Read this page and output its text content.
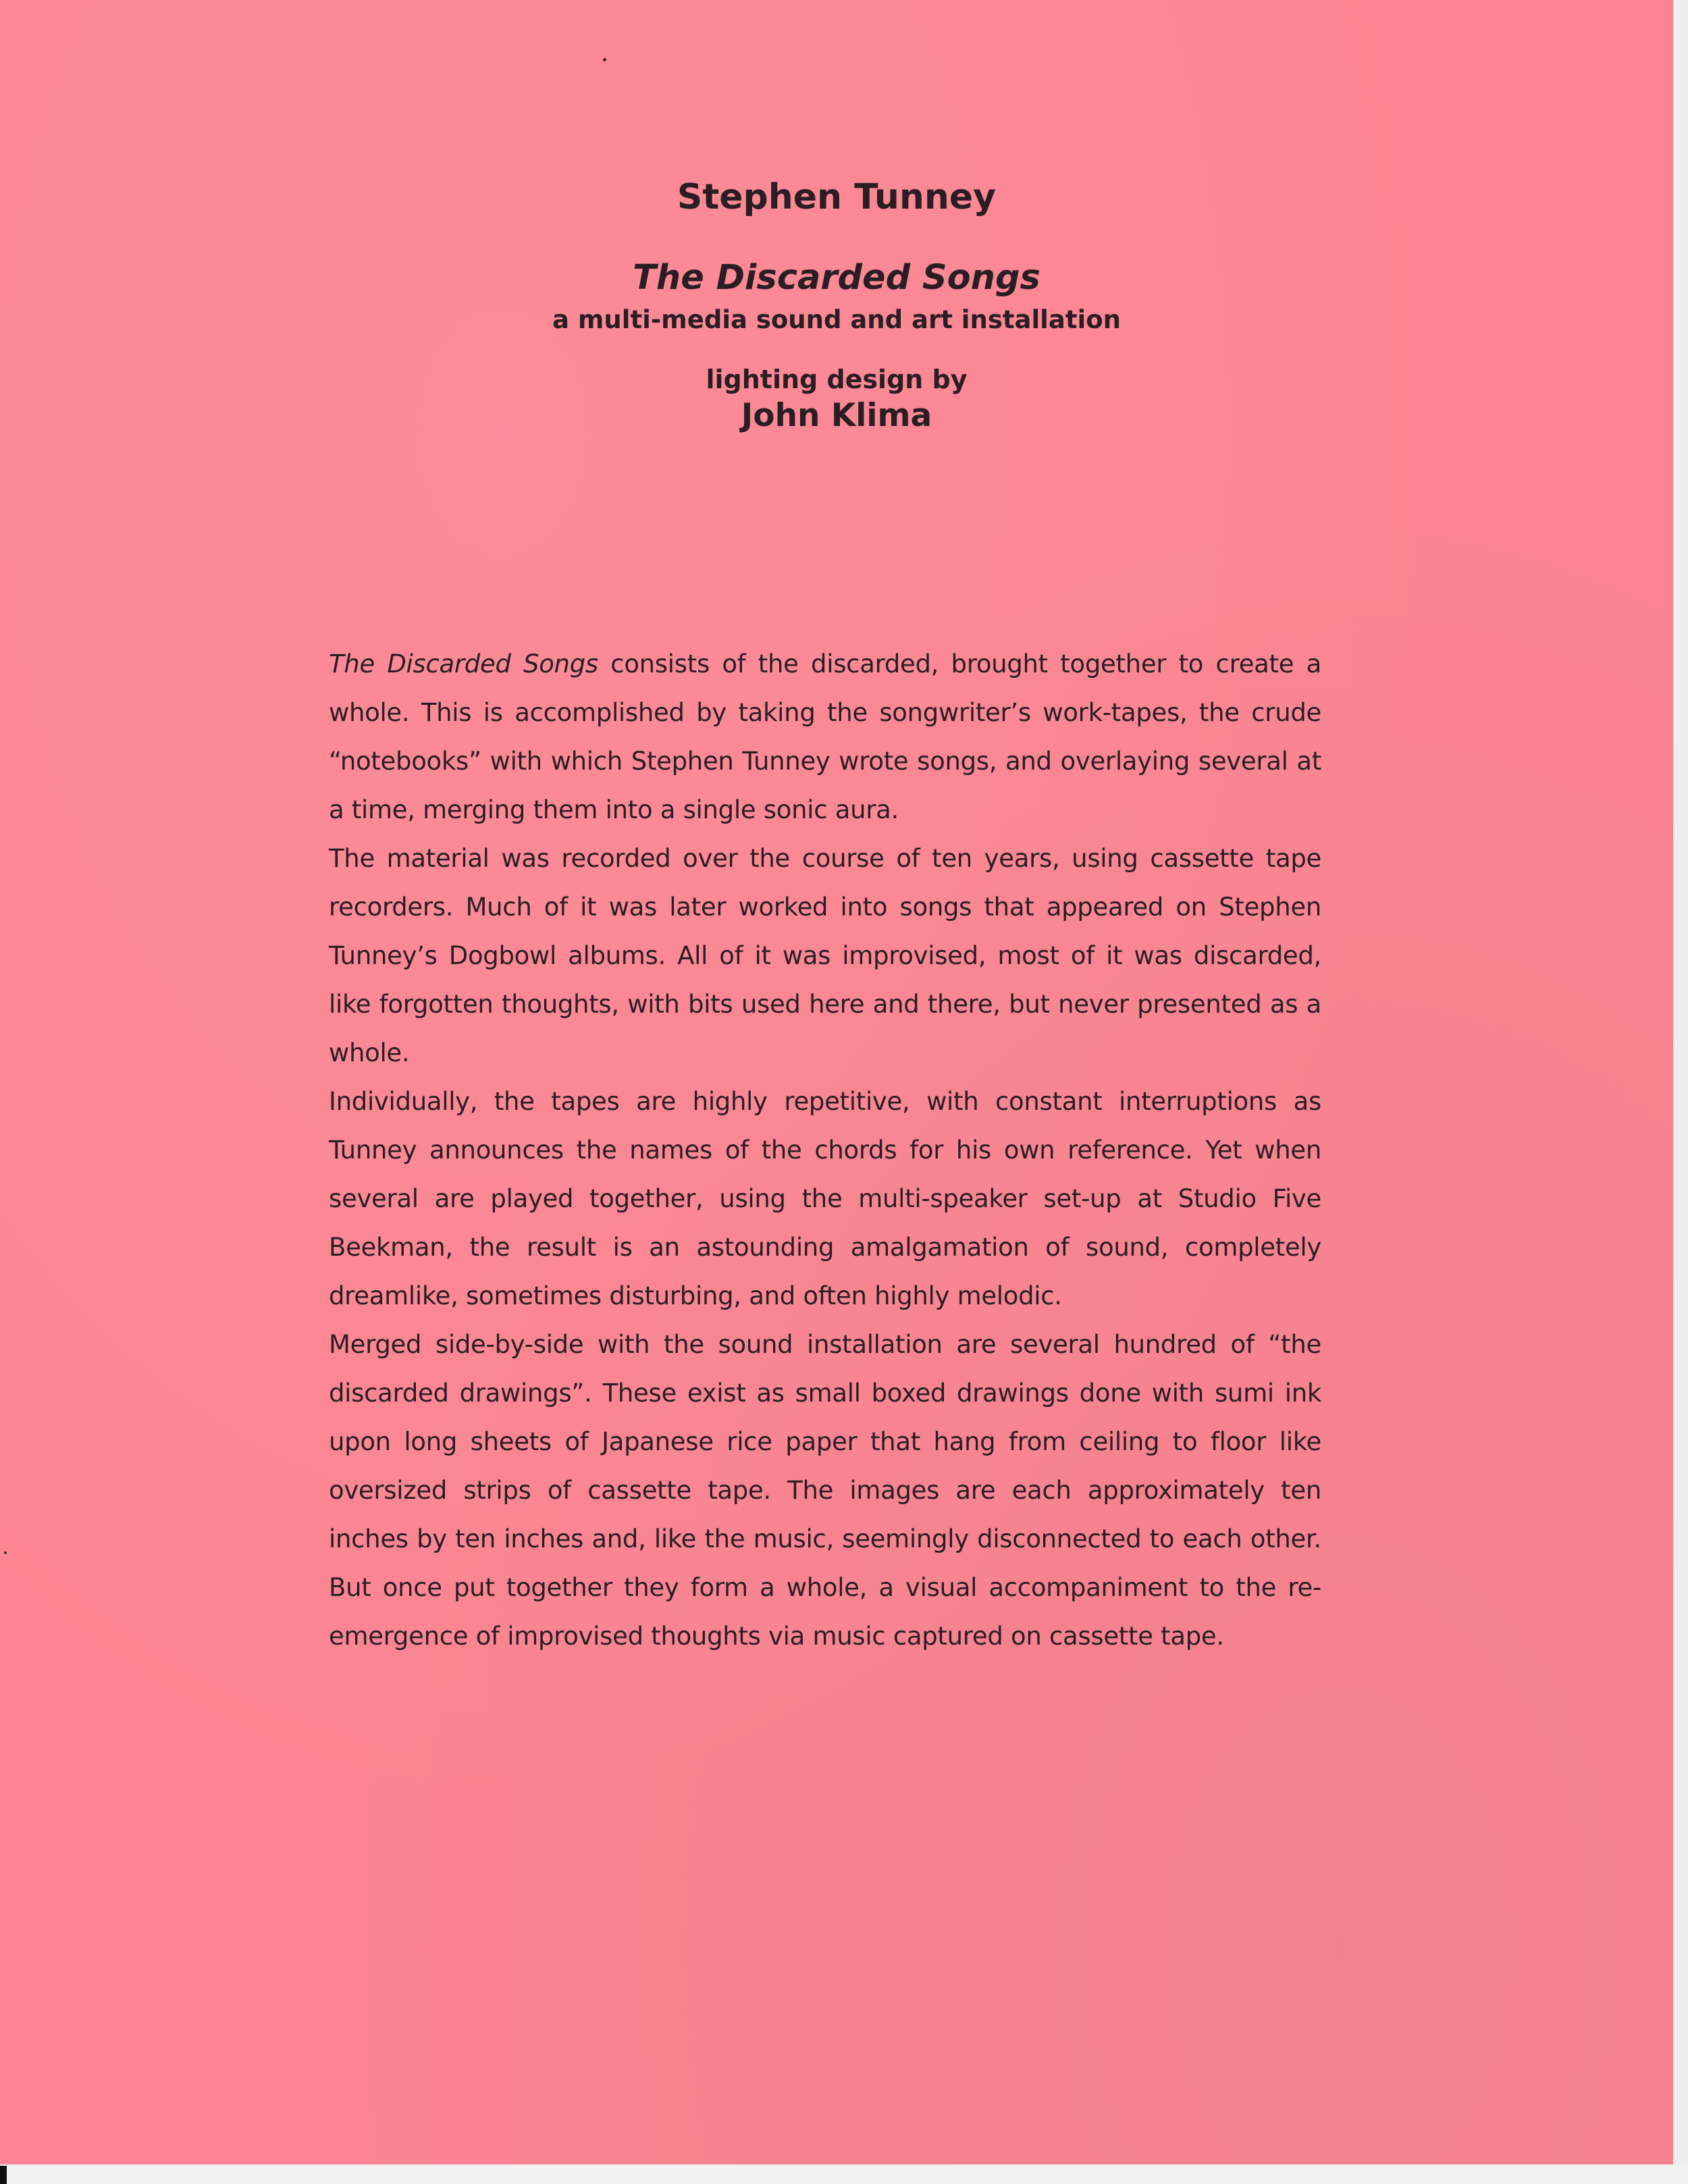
Stephen Tunney
The Discarded Songs
a multi-media sound and art installation
lighting design by
John Klima

The Discarded Songs consists of the discarded, brought together to create a whole. This is accomplished by taking the songwriter’s work-tapes, the crude “notebooks” with which Stephen Tunney wrote songs, and overlaying several at a time, merging them into a single sonic aura.

The material was recorded over the course of ten years, using cassette tape recorders. Much of it was later worked into songs that appeared on Stephen Tunney’s Dogbowl albums. All of it was improvised, most of it was discarded, like forgotten thoughts, with bits used here and there, but never presented as a whole.

Individually, the tapes are highly repetitive, with constant interruptions as Tunney announces the names of the chords for his own reference. Yet when several are played together, using the multi-speaker set-up at Studio Five Beekman, the result is an astounding amalgamation of sound, completely dreamlike, sometimes disturbing, and often highly melodic.

Merged side-by-side with the sound installation are several hundred of “the discarded drawings”. These exist as small boxed drawings done with sumi ink upon long sheets of Japanese rice paper that hang from ceiling to floor like oversized strips of cassette tape. The images are each approximately ten inches by ten inches and, like the music, seemingly disconnected to each other. But once put together they form a whole, a visual accompaniment to the re-emergence of improvised thoughts via music captured on cassette tape.
